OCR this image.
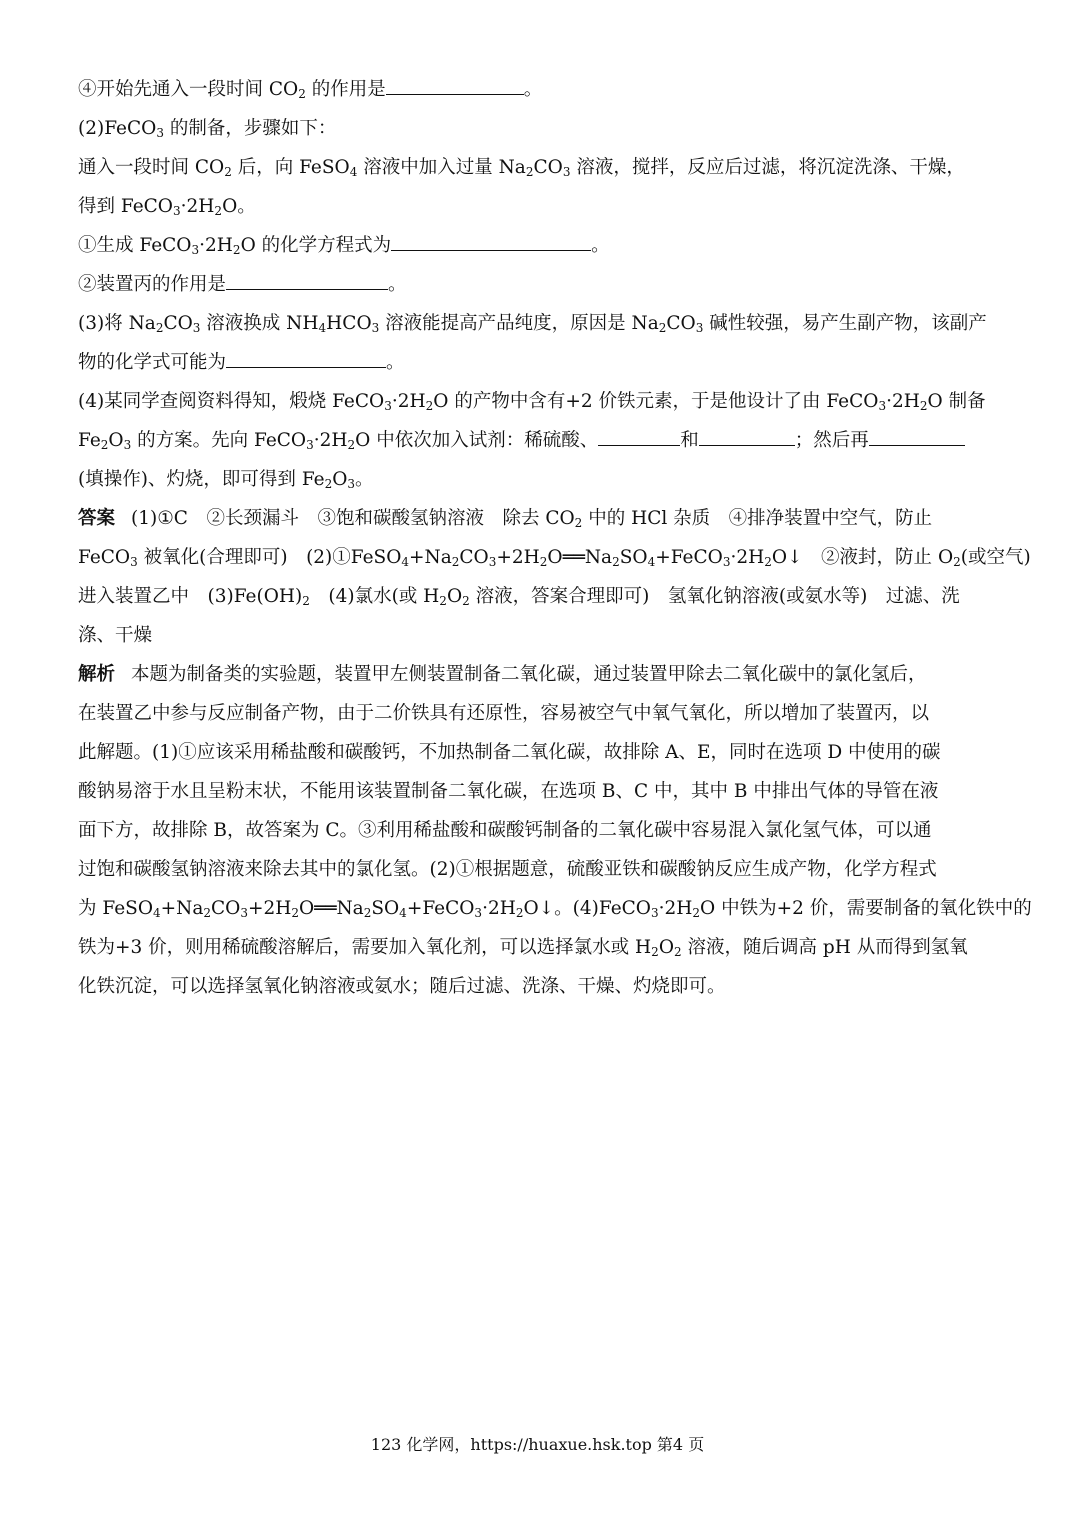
④开始先通入一段时间 $CO_2$ 的作用是	。
(2)FeCO$_3$ 的制备，步骤如下：
通入一段时间 $CO_2$ 后，向 FeSO$_4$ 溶液中加入过量 $Na_2CO_3$ 溶液，搅拌，反应后过滤，将沉淀洗涤、干燥，
得到 $FeCO_3\cdot 2H_2O$。
①生成 $FeCO_3\cdot 2H_2O$ 的化学方程式为	。
②装置丙的作用是	。
(3)将 $Na_2CO_3$ 溶液换成 $NH_4HCO_3$ 溶液能提高产品纯度，原因是 $Na_2CO_3$ 碱性较强，易产生副产物，该副产
物的化学式可能为	。
(4)某同学查阅资料得知，煅烧 $FeCO_3\cdot 2H_2O$ 的产物中含有+2 价铁元素，于是他设计了由 $FeCO_3\cdot 2H_2O$ 制备
$Fe_2O_3$ 的方案。先向 $FeCO_3\cdot 2H_2O$ 中依次加入试剂：稀硫酸、	和	；然后再
(填操作)、灼烧，即可得到 $Fe_2O_3$。
答案 (1)①C　②长颈漏斗　③饱和碳酸氢钠溶液　除去 $CO_2$ 中的 HCl 杂质　④排净装置中空气，防止
FeCO$_3$ 被氧化(合理即可)　$(2)①FeSO_4+Na_2CO_3+2H_2O══Na_2SO_4+FeCO_3\cdot 2H_2O↓$　②液封，防止 $O_2$(或空气)
进入装置乙中　$(3)Fe(OH)_2$　(4)氯水(或 $H_2O_2$ 溶液，答案合理即可)　氢氧化钠溶液(或氨水等)　过滤、洗
涤、干燥
解析 本题为制备类的实验题，装置甲左侧装置制备二氧化碳，通过装置甲除去二氧化碳中的氯化氢后，
在装置乙中参与反应制备产物，由于二价铁具有还原性，容易被空气中氧气氧化，所以增加了装置丙，以
此解题。(1)①应该采用稀盐酸和碳酸钙，不加热制备二氧化碳，故排除 A、E，同时在选项 D 中使用的碳
酸钠易溶于水且呈粉末状，不能用该装置制备二氧化碳，在选项 B、C 中，其中 B 中排出气体的导管在液
面下方，故排除 B，故答案为 C。③利用稀盐酸和碳酸钙制备的二氧化碳中容易混入氯化氢气体，可以通
过饱和碳酸氢钠溶液来除去其中的氯化氢。(2)①根据题意，硫酸亚铁和碳酸钠反应生成产物，化学方程式
为 $FeSO_4+Na_2CO_3+2H_2O══Na_2SO_4+FeCO_3\cdot 2H_2O↓$。$(4)FeCO_3\cdot 2H_2O$ 中铁为+2 价，需要制备的氧化铁中的
铁为+3 价，则用稀硫酸溶解后，需要加入氧化剂，可以选择氯水或 $H_2O_2$ 溶液，随后调高 pH 从而得到氢氧
化铁沉淀，可以选择氢氧化钠溶液或氨水；随后过滤、洗涤、干燥、灼烧即可。
123 化学网，https://huaxue.hsk.top 第4 页
